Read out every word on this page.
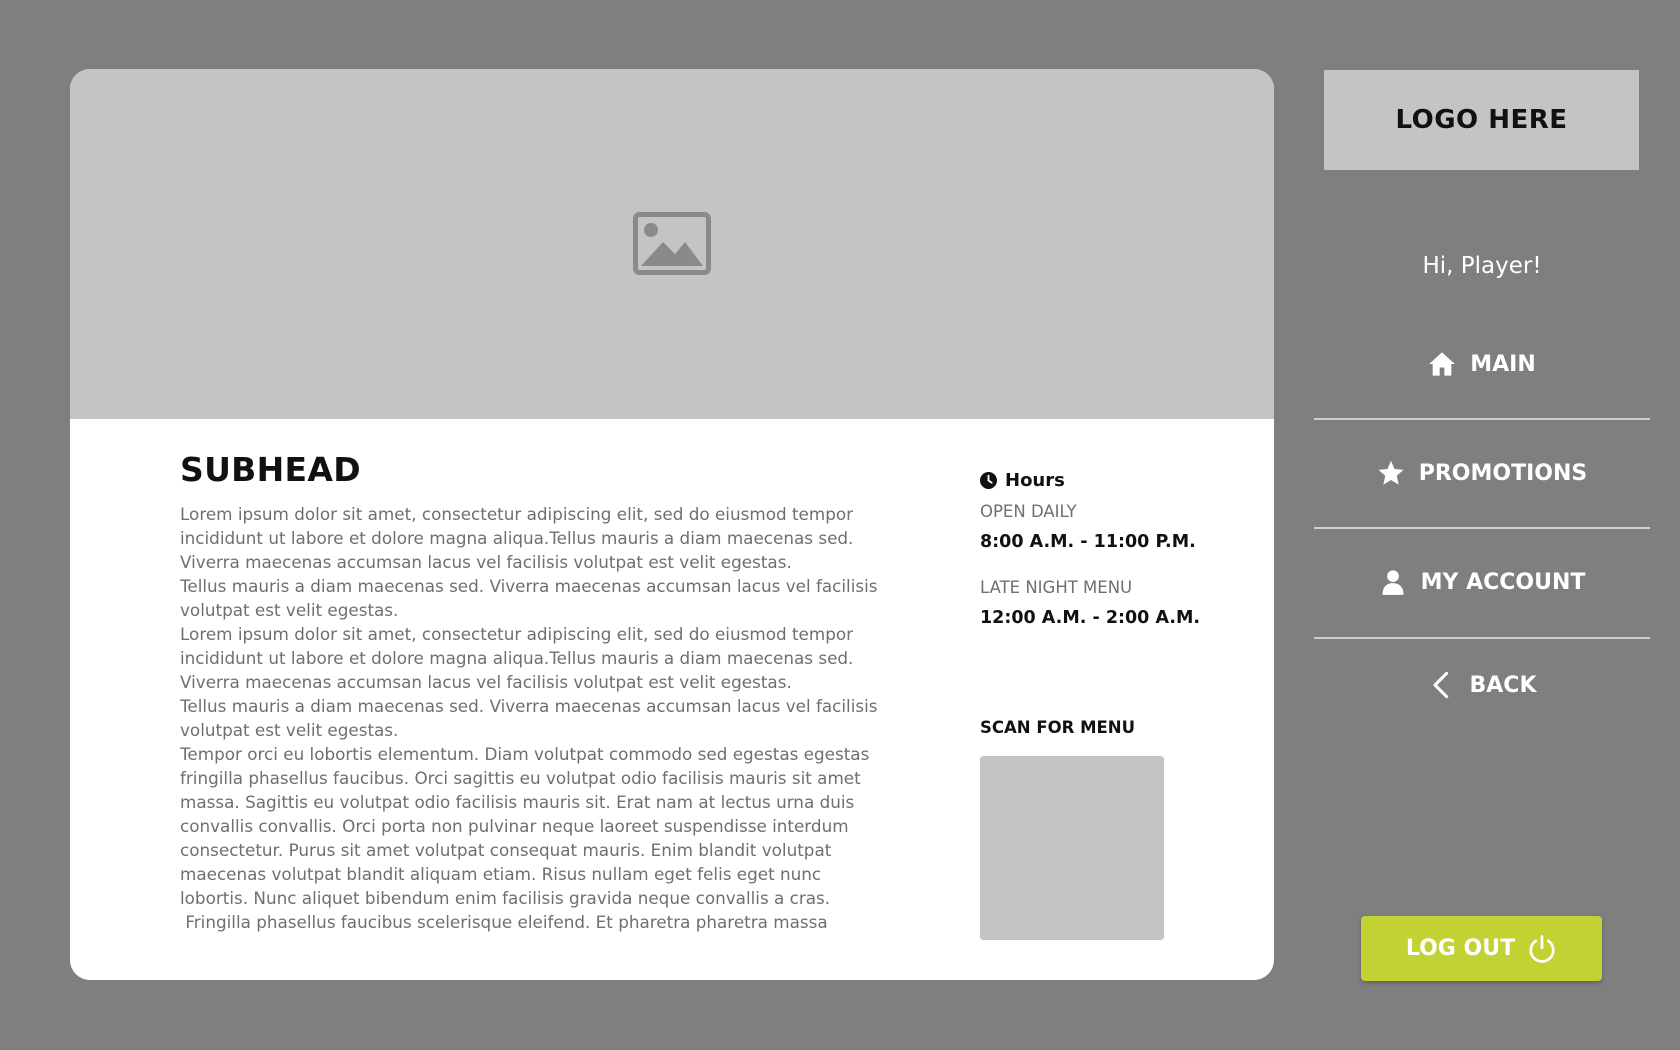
SUBHEAD

Lorem ipsum dolor sit amet, consectetur adipiscing elit, sed do eiusmod tempor incididunt ut labore et dolore magna aliqua.Tellus mauris a diam maecenas sed. Viverra maecenas accumsan lacus vel facilisis volutpat est velit egestas.

Tellus mauris a diam maecenas sed. Viverra maecenas accumsan lacus vel facilisis volutpat est velit egestas.

Lorem ipsum dolor sit amet, consectetur adipiscing elit, sed do eiusmod tempor incididunt ut labore et dolore magna aliqua.Tellus mauris a diam maecenas sed. Viverra maecenas accumsan lacus vel facilisis volutpat est velit egestas.

Tellus mauris a diam maecenas sed. Viverra maecenas accumsan lacus vel facilisis volutpat est velit egestas.

Tempor orci eu lobortis elementum. Diam volutpat commodo sed egestas egestas fringilla phasellus faucibus. Orci sagittis eu volutpat odio facilisis mauris sit amet massa. Sagittis eu volutpat odio facilisis mauris sit. Erat nam at lectus urna duis convallis convallis. Orci porta non pulvinar neque laoreet suspendisse interdum consectetur. Purus sit amet volutpat consequat mauris. Enim blandit volutpat maecenas volutpat blandit aliquam etiam. Risus nullam eget felis eget nunc lobortis. Nunc aliquet bibendum enim facilisis gravida neque convallis a cras.

Fringilla phasellus faucibus scelerisque eleifend. Et pharetra pharetra massa

Hours
OPEN DAILY
8:00 A.M. - 11:00 P.M.
LATE NIGHT MENU
12:00 A.M. - 2:00 A.M.
SCAN FOR MENU
LOGO HERE
Hi, Player!
MAIN
PROMOTIONS
MY ACCOUNT
BACK
LOG OUT
